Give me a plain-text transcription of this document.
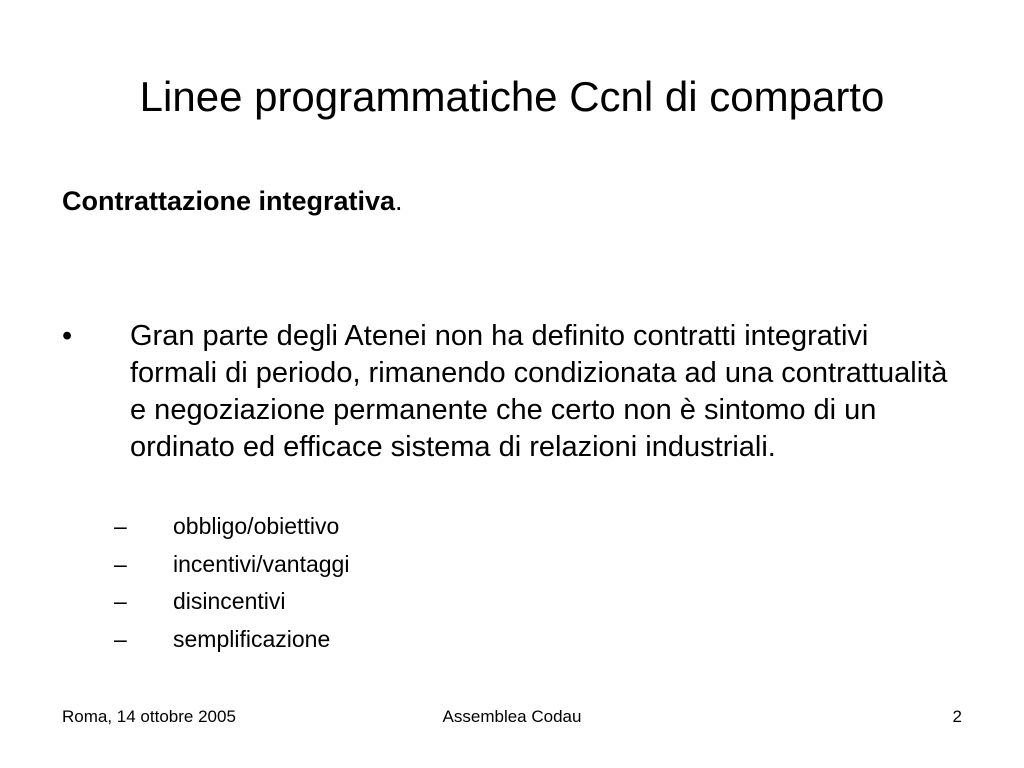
Linee programmatiche Ccnl di comparto

Contrattazione integrativa.

• Gran parte degli Atenei non ha definito contratti integrativi formali di periodo, rimanendo condizionata ad una contrattualità e negoziazione permanente che certo non è sintomo di un ordinato ed efficace sistema di relazioni industriali.

– obbligo/obiettivo
– incentivi/vantaggi
– disincentivi
– semplificazione
Roma, 14 ottobre 2005	Assemblea Codau	2
